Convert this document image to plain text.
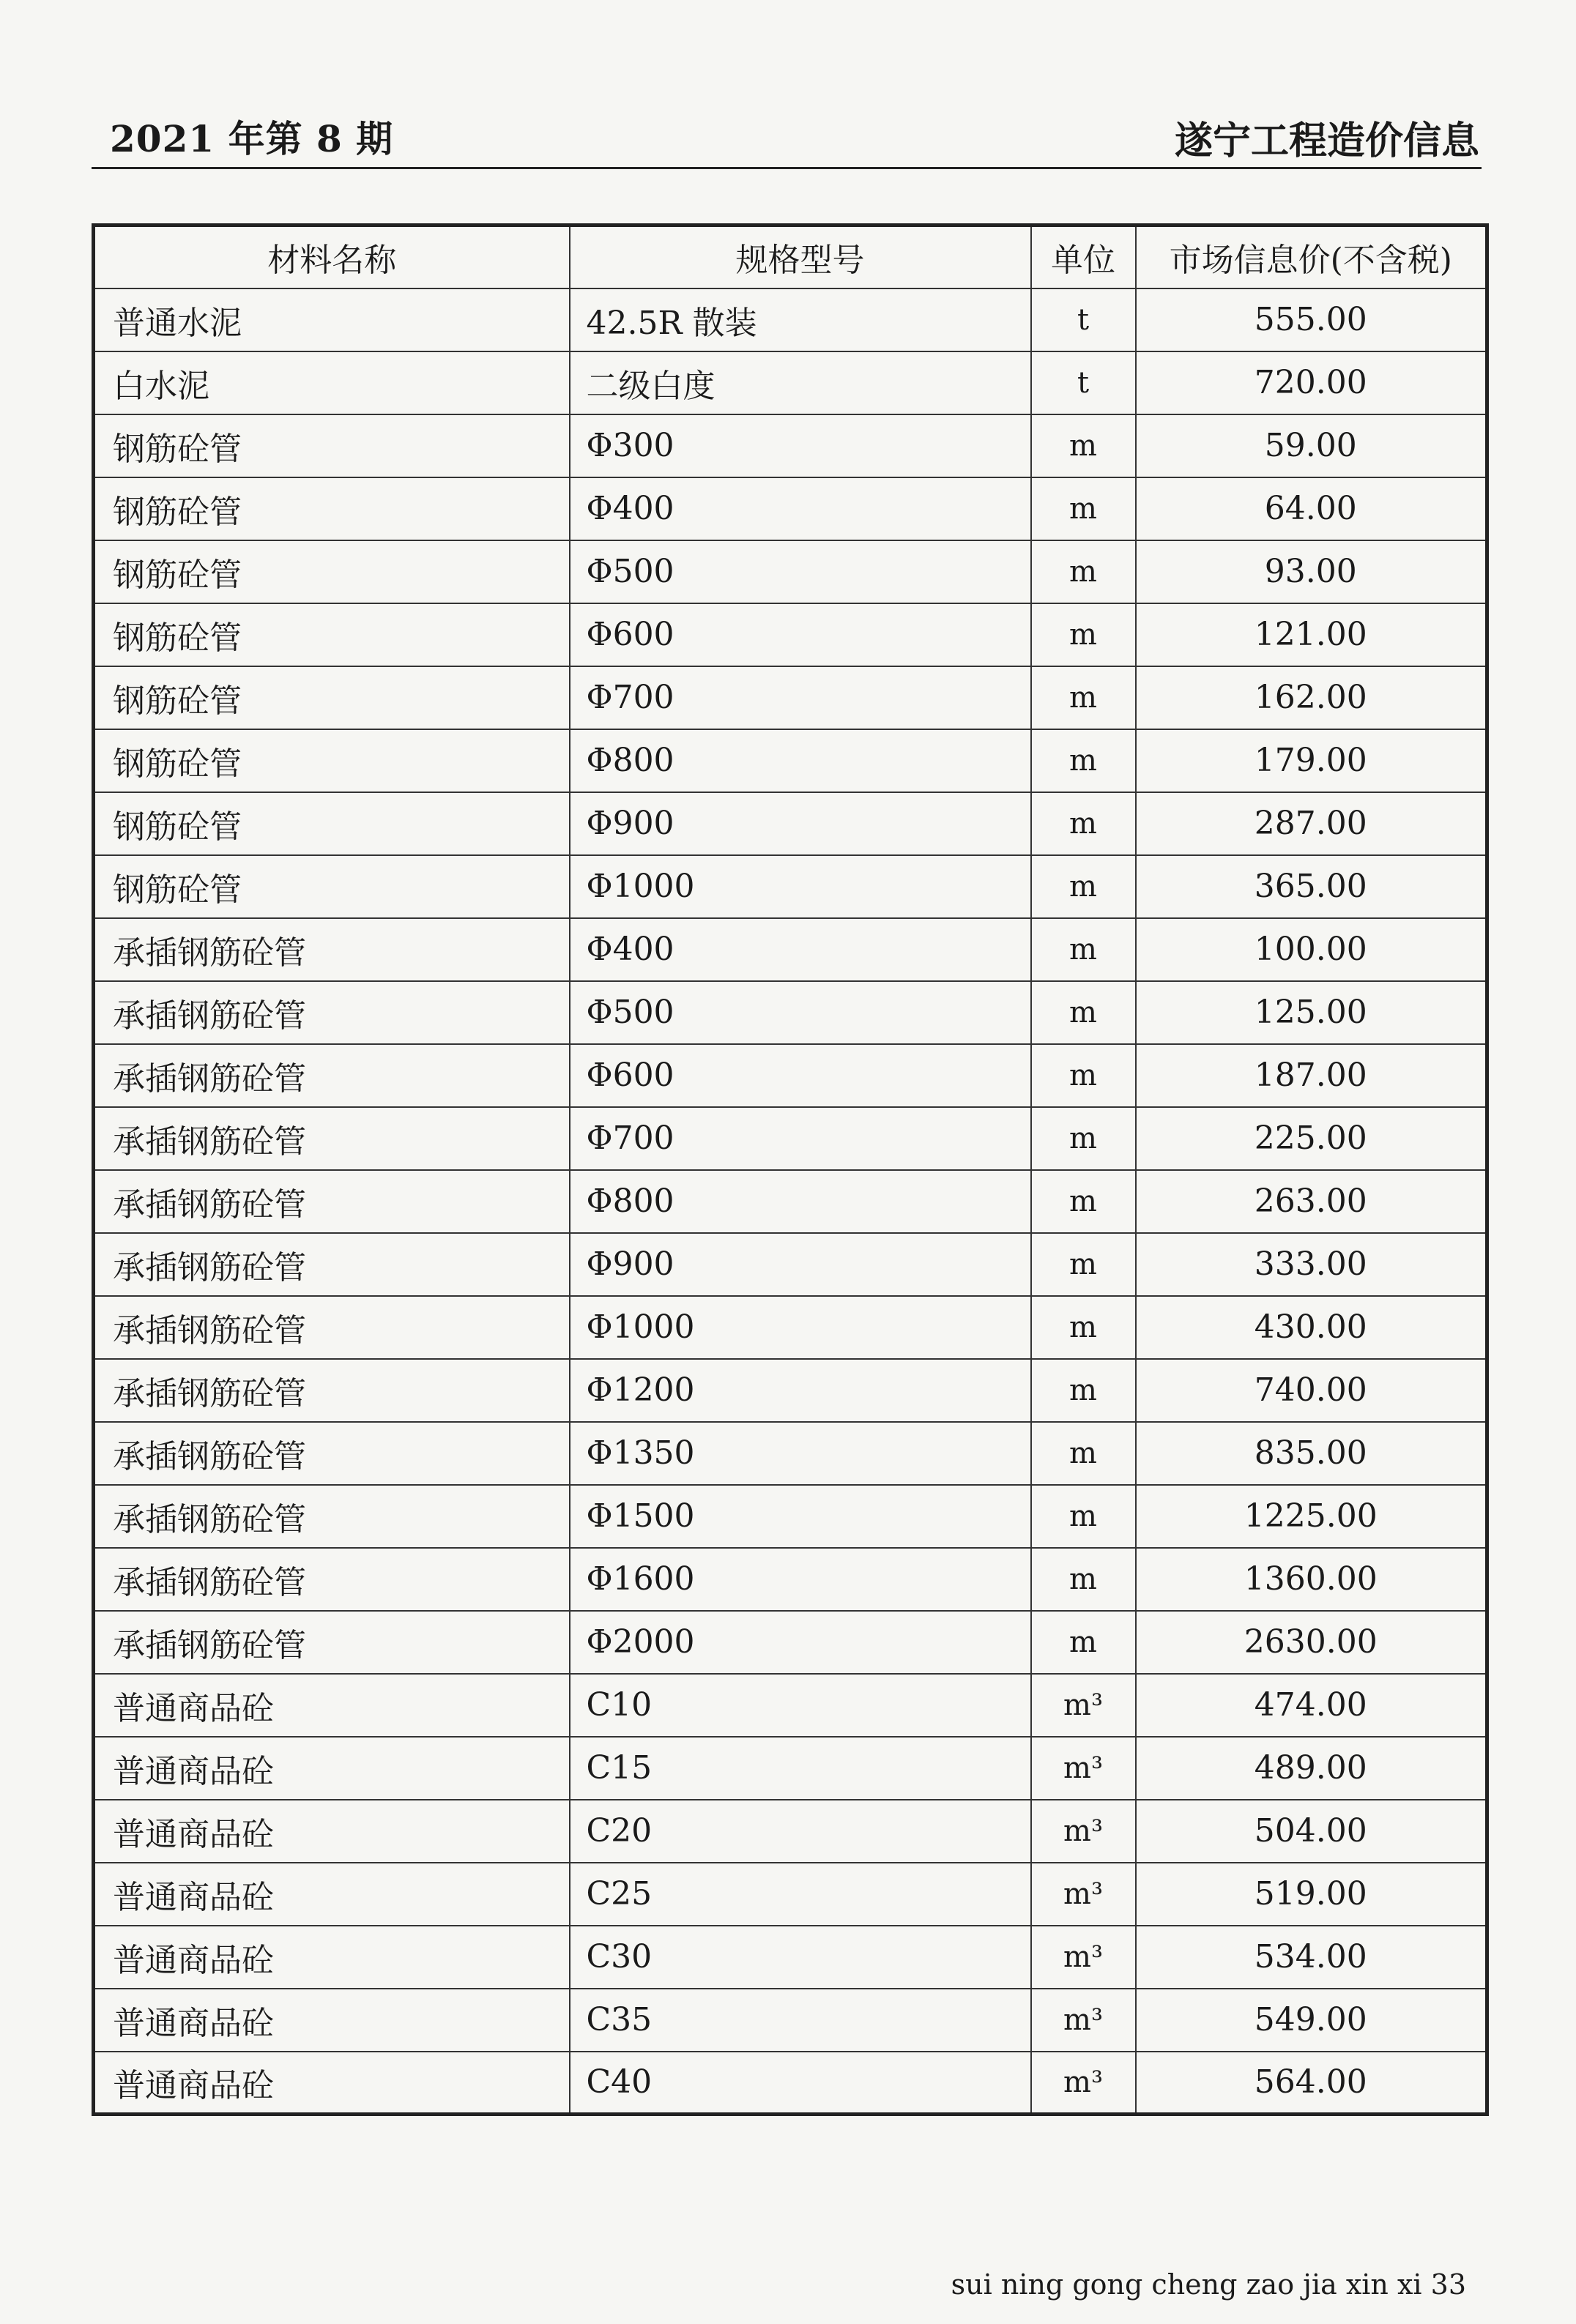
2021 年第 8 期	遂宁工程造价信息
材料名称	规格型号	单位	市场信息价(不含税)
普通水泥	42.5R 散装	t	555.00
白水泥	二级白度	t	720.00
钢筋砼管	Φ300	m	59.00
钢筋砼管	Φ400	m	64.00
钢筋砼管	Φ500	m	93.00
钢筋砼管	Φ600	m	121.00
钢筋砼管	Φ700	m	162.00
钢筋砼管	Φ800	m	179.00
钢筋砼管	Φ900	m	287.00
钢筋砼管	Φ1000	m	365.00
承插钢筋砼管	Φ400	m	100.00
承插钢筋砼管	Φ500	m	125.00
承插钢筋砼管	Φ600	m	187.00
承插钢筋砼管	Φ700	m	225.00
承插钢筋砼管	Φ800	m	263.00
承插钢筋砼管	Φ900	m	333.00
承插钢筋砼管	Φ1000	m	430.00
承插钢筋砼管	Φ1200	m	740.00
承插钢筋砼管	Φ1350	m	835.00
承插钢筋砼管	Φ1500	m	1225.00
承插钢筋砼管	Φ1600	m	1360.00
承插钢筋砼管	Φ2000	m	2630.00
普通商品砼	C10	m³	474.00
普通商品砼	C15	m³	489.00
普通商品砼	C20	m³	504.00
普通商品砼	C25	m³	519.00
普通商品砼	C30	m³	534.00
普通商品砼	C35	m³	549.00
普通商品砼	C40	m³	564.00
sui ning gong cheng zao jia xin xi 33
